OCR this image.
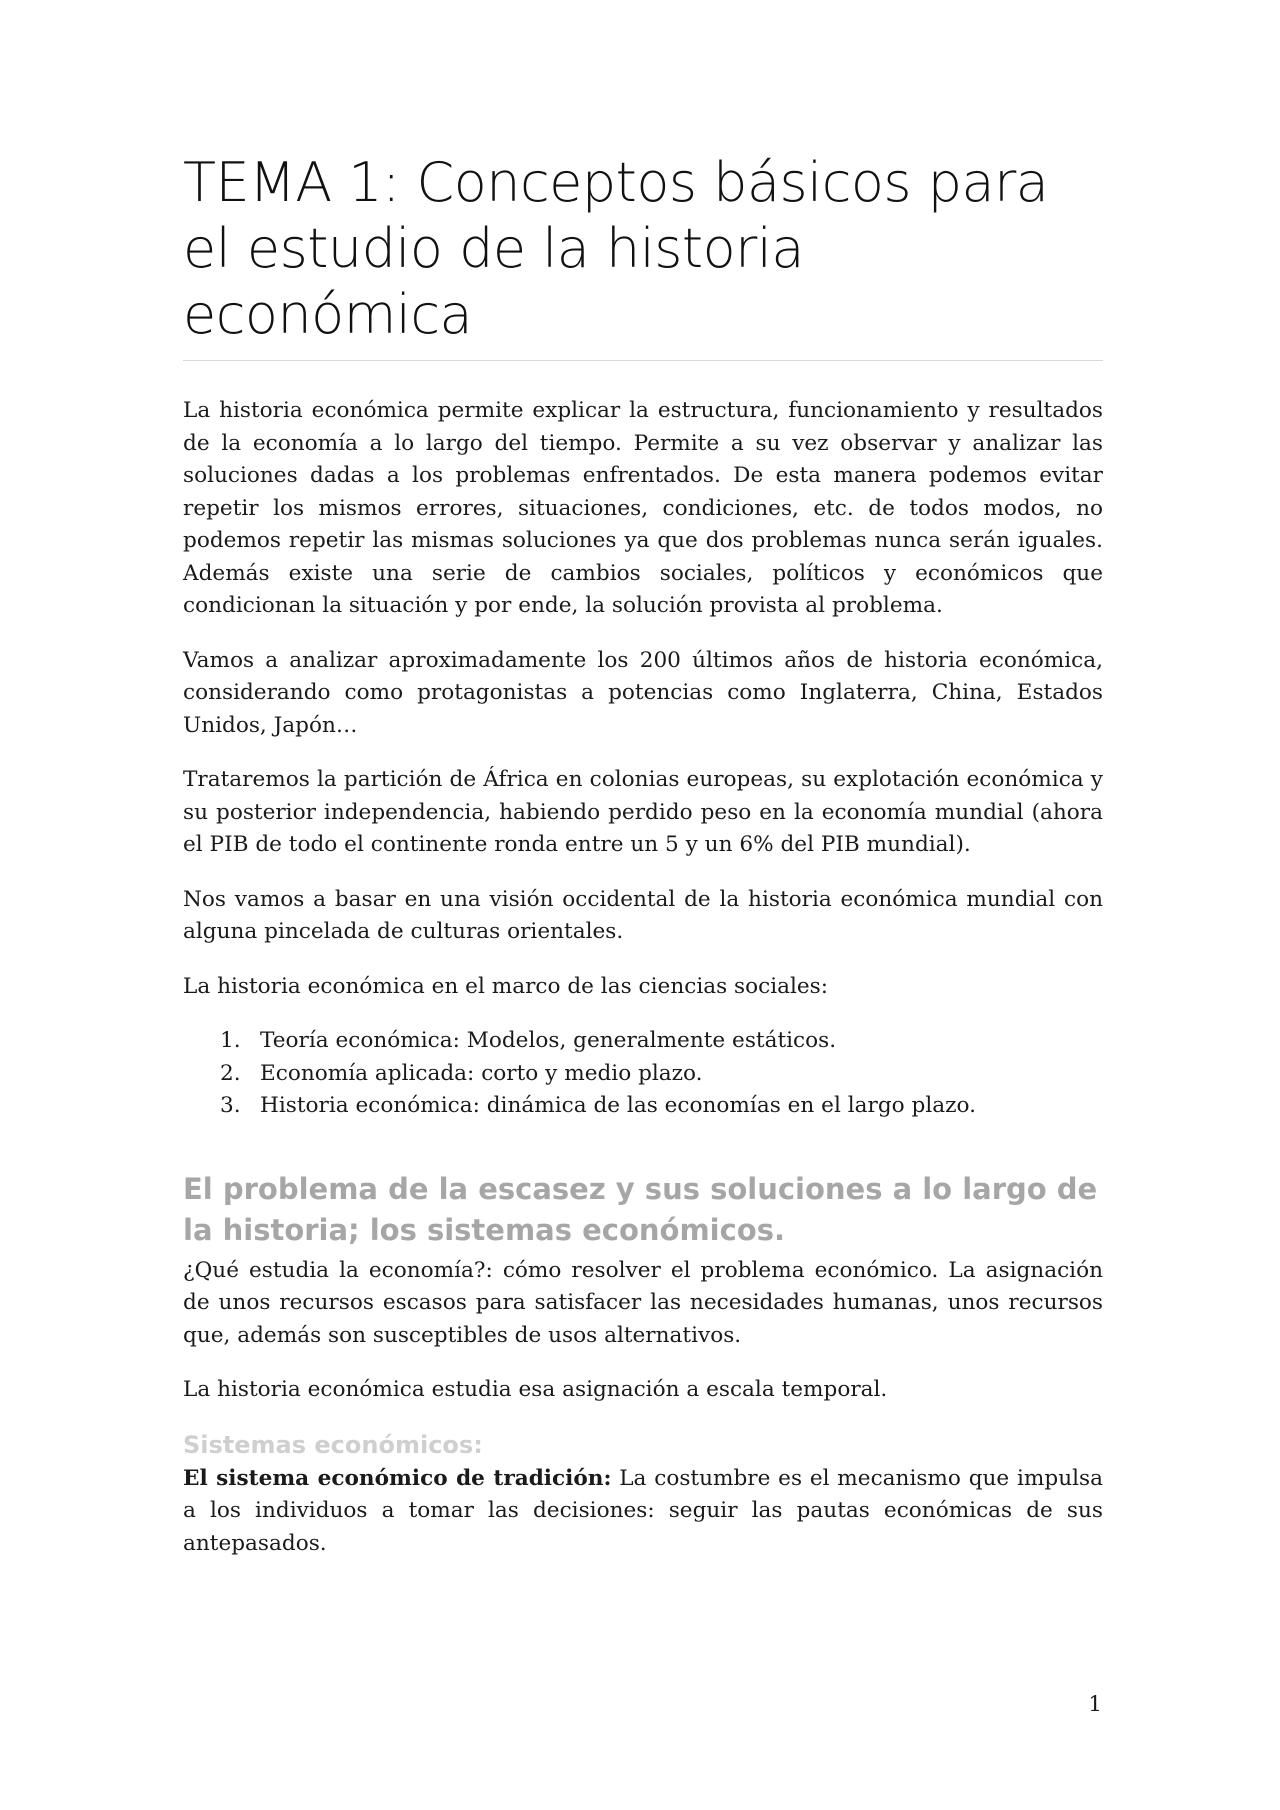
TEMA 1: Conceptos básicos para el estudio de la historia económica

La historia económica permite explicar la estructura, funcionamiento y resultados de la economía a lo largo del tiempo. Permite a su vez observar y analizar las soluciones dadas a los problemas enfrentados. De esta manera podemos evitar repetir los mismos errores, situaciones, condiciones, etc. de todos modos, no podemos repetir las mismas soluciones ya que dos problemas nunca serán iguales. Además existe una serie de cambios sociales, políticos y económicos que condicionan la situación y por ende, la solución provista al problema.

Vamos a analizar aproximadamente los 200 últimos años de historia económica, considerando como protagonistas a potencias como Inglaterra, China, Estados Unidos, Japón…

Trataremos la partición de África en colonias europeas, su explotación económica y su posterior independencia, habiendo perdido peso en la economía mundial (ahora el PIB de todo el continente ronda entre un 5 y un 6% del PIB mundial).

Nos vamos a basar en una visión occidental de la historia económica mundial con alguna pincelada de culturas orientales.

La historia económica en el marco de las ciencias sociales:

1. Teoría económica: Modelos, generalmente estáticos.
2. Economía aplicada: corto y medio plazo.
3. Historia económica: dinámica de las economías en el largo plazo.
El problema de la escasez y sus soluciones a lo largo de la historia; los sistemas económicos.

¿Qué estudia la economía?: cómo resolver el problema económico. La asignación de unos recursos escasos para satisfacer las necesidades humanas, unos recursos que, además son susceptibles de usos alternativos.

La historia económica estudia esa asignación a escala temporal.

Sistemas económicos:

El sistema económico de tradición: La costumbre es el mecanismo que impulsa a los individuos a tomar las decisiones: seguir las pautas económicas de sus antepasados.

1
